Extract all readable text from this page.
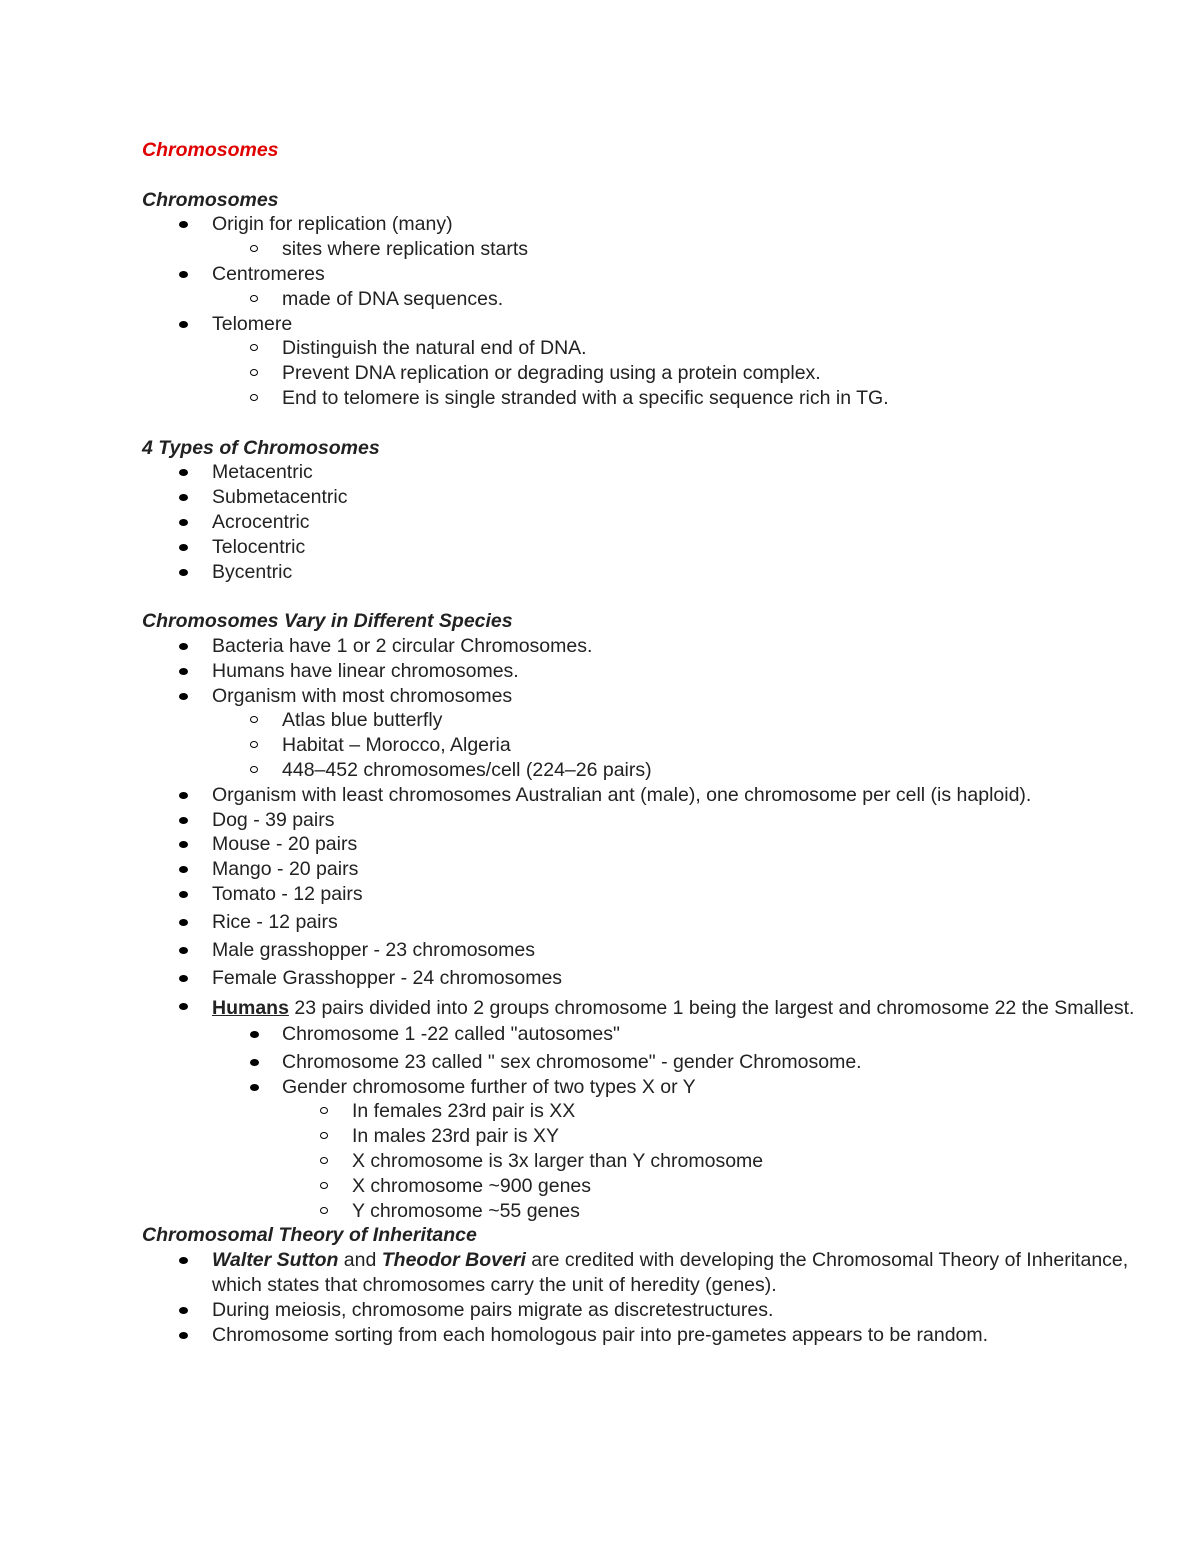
Chromosomes

Chromosomes

Origin for replication (many)
sites where replication starts
Centromeres
made of DNA sequences.
Telomere
Distinguish the natural end of DNA.
Prevent DNA replication or degrading using a protein complex.
End to telomere is single stranded with a specific sequence rich in TG.

4 Types of Chromosomes

Metacentric
Submetacentric
Acrocentric
Telocentric
Bycentric

Chromosomes Vary in Different Species

Bacteria have 1 or 2 circular Chromosomes.
Humans have linear chromosomes.
Organism with most chromosomes
Atlas blue butterfly
Habitat – Morocco, Algeria
448–452 chromosomes/cell (224–26 pairs)
Organism with least chromosomes Australian ant (male), one chromosome per cell (is haploid).
Dog - 39 pairs
Mouse - 20 pairs
Mango - 20 pairs
Tomato - 12 pairs
Rice - 12 pairs
Male grasshopper - 23 chromosomes
Female Grasshopper - 24 chromosomes
Humans 23 pairs divided into 2 groups chromosome 1 being the largest and chromosome 22 the Smallest.
Chromosome 1 -22 called "autosomes"
Chromosome 23 called " sex chromosome" - gender Chromosome.
Gender chromosome further of two types X or Y
In females 23rd pair is XX
In males 23rd pair is XY
X chromosome is 3x larger than Y chromosome
X chromosome ~900 genes
Y chromosome ~55 genes

Chromosomal Theory of Inheritance

Walter Sutton and Theodor Boveri are credited with developing the Chromosomal Theory of Inheritance, which states that chromosomes carry the unit of heredity (genes).
During meiosis, chromosome pairs migrate as discretestructures.
Chromosome sorting from each homologous pair into pre-gametes appears to be random.
